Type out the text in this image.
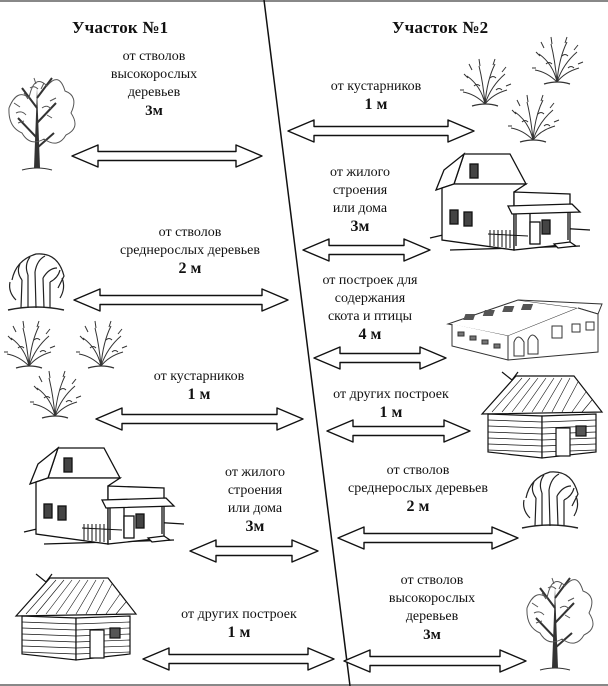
Участок №1	Участок №2
от стволов
высокорослых
деревьев
3м
от стволов
среднерослых деревьев
2 м
от кустарников
1 м
от жилого
строения
или дома
3м
от других построек
1 м
от кустарников
1 м
от жилого
строения
или дома
3м
от построек для
содержания
скота и птицы
4 м
от других построек
1 м
от стволов
среднерослых деревьев
2 м
от стволов
высокорослых
деревьев
3м
